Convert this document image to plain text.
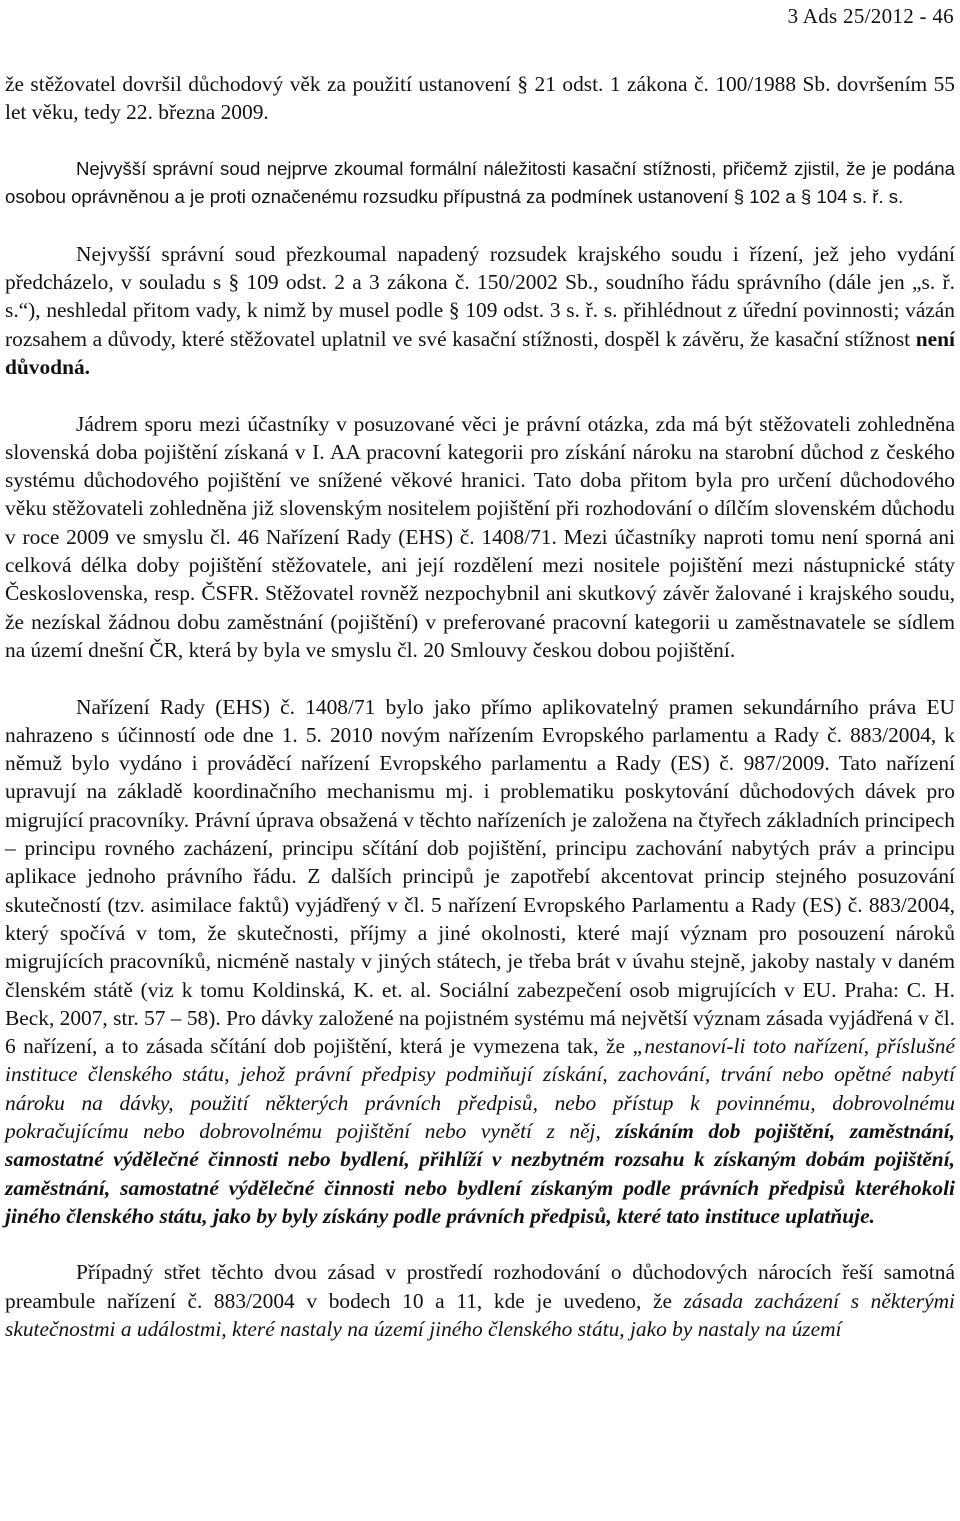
3 Ads 25/2012 - 46

že stěžovatel dovršil důchodový věk za použití ustanovení § 21 odst. 1 zákona č. 100/1988 Sb. dovršením 55 let věku, tedy 22. března 2009.

Nejvyšší správní soud nejprve zkoumal formální náležitosti kasační stížnosti, přičemž zjistil, že je podána osobou oprávněnou a je proti označenému rozsudku přípustná za podmínek ustanovení § 102 a § 104 s. ř. s.

Nejvyšší správní soud přezkoumal napadený rozsudek krajského soudu i řízení, jež jeho vydání předcházelo, v souladu s § 109 odst. 2 a 3 zákona č. 150/2002 Sb., soudního řádu správního (dále jen „s. ř. s.“), neshledal přitom vady, k nimž by musel podle § 109 odst. 3 s. ř. s. přihlédnout z úřední povinnosti; vázán rozsahem a důvody, které stěžovatel uplatnil ve své kasační stížnosti, dospěl k závěru, že kasační stížnost není důvodná.

Jádrem sporu mezi účastníky v posuzované věci je právní otázka, zda má být stěžovateli zohledněna slovenská doba pojištění získaná v I. AA pracovní kategorii pro získání nároku na starobní důchod z českého systému důchodového pojištění ve snížené věkové hranici. Tato doba přitom byla pro určení důchodového věku stěžovateli zohledněna již slovenským nositelem pojištění při rozhodování o dílčím slovenském důchodu v roce 2009 ve smyslu čl. 46 Nařízení Rady (EHS) č. 1408/71. Mezi účastníky naproti tomu není sporná ani celková délka doby pojištění stěžovatele, ani její rozdělení mezi nositele pojištění mezi nástupnické státy Československa, resp. ČSFR. Stěžovatel rovněž nezpochybnil ani skutkový závěr žalované i krajského soudu, že nezískal žádnou dobu zaměstnání (pojištění) v preferované pracovní kategorii u zaměstnavatele se sídlem na území dnešní ČR, která by byla ve smyslu čl. 20 Smlouvy českou dobou pojištění.

Nařízení Rady (EHS) č. 1408/71 bylo jako přímo aplikovatelný pramen sekundárního práva EU nahrazeno s účinností ode dne 1. 5. 2010 novým nařízením Evropského parlamentu a Rady č. 883/2004, k němuž bylo vydáno i prováděcí nařízení Evropského parlamentu a Rady (ES) č. 987/2009. Tato nařízení upravují na základě koordinačního mechanismu mj. i problematiku poskytování důchodových dávek pro migrující pracovníky. Právní úprava obsažená v těchto nařízeních je založena na čtyřech základních principech – principu rovného zacházení, principu sčítání dob pojištění, principu zachování nabytých práv a principu aplikace jednoho právního řádu. Z dalších principů je zapotřebí akcentovat princip stejného posuzování skutečností (tzv. asimilace faktů) vyjádřený v čl. 5 nařízení Evropského Parlamentu a Rady (ES) č. 883/2004, který spočívá v tom, že skutečnosti, příjmy a jiné okolnosti, které mají význam pro posouzení nároků migrujících pracovníků, nicméně nastaly v jiných státech, je třeba brát v úvahu stejně, jakoby nastaly v daném členském státě (viz k tomu Koldinská, K. et. al. Sociální zabezpečení osob migrujících v EU. Praha: C. H. Beck, 2007, str. 57 – 58). Pro dávky založené na pojistném systému má největší význam zásada vyjádřená v čl. 6 nařízení, a to zásada sčítání dob pojištění, která je vymezena tak, že „nestanoví-li toto nařízení, příslušné instituce členského státu, jehož právní předpisy podmiňují získání, zachování, trvání nebo opětné nabytí nároku na dávky, použití některých právních předpisů, nebo přístup k povinnému, dobrovolnému pokračujícímu nebo dobrovolnému pojištění nebo vynětí z něj, získáním dob pojištění, zaměstnání, samostatné výdělečné činnosti nebo bydlení, přihlíží v nezbytném rozsahu k získaným dobám pojištění, zaměstnání, samostatné výdělečné činnosti nebo bydlení získaným podle právních předpisů kteréhokoli jiného členského státu, jako by byly získány podle právních předpisů, které tato instituce uplatňuje.

Případný střet těchto dvou zásad v prostředí rozhodování o důchodových nárocích řeší samotná preambule nařízení č. 883/2004 v bodech 10 a 11, kde je uvedeno, že zásada zacházení s některými skutečnostmi a událostmi, které nastaly na území jiného členského státu, jako by nastaly na území
